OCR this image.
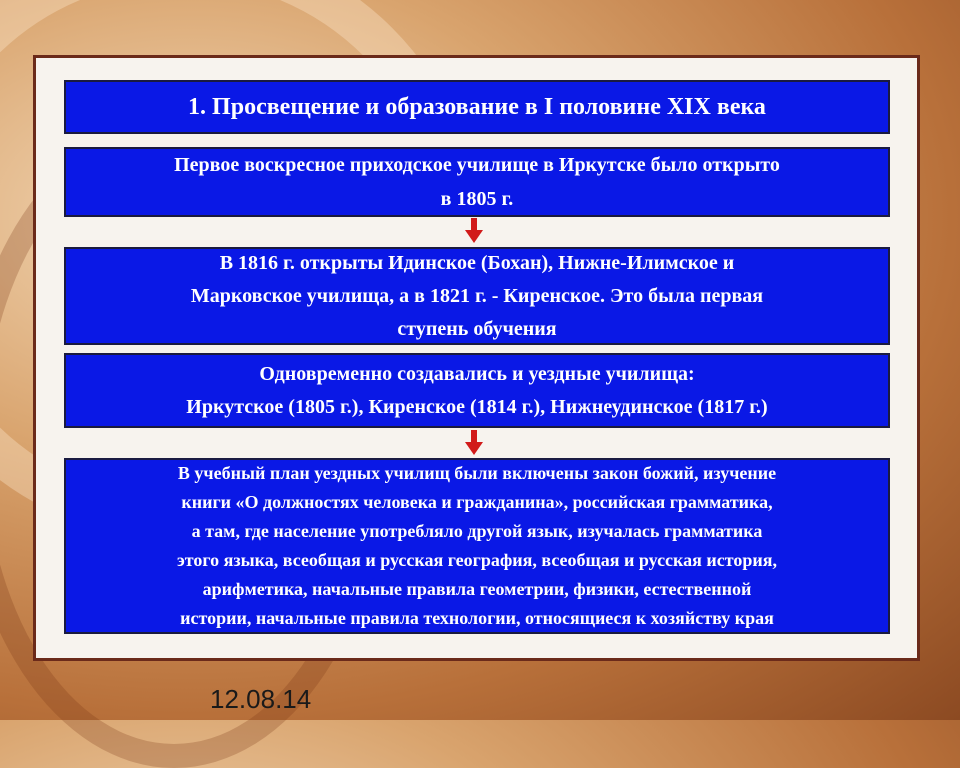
1. Просвещение и образование в I половине XIX века
Первое воскресное приходское училище в Иркутске было открыто
в 1805 г.
В 1816 г. открыты Идинское (Бохан), Нижне-Илимское и
Марковское училища, а в 1821 г. - Киренское. Это была первая
ступень обучения
Одновременно создавались и уездные училища:
Иркутское (1805 г.), Киренское (1814 г.), Нижнеудинское (1817 г.)
В учебный план уездных училищ были включены закон божий, изучение
книги «О должностях человека и гражданина», российская грамматика,
а там, где население употребляло другой язык, изучалась грамматика
этого языка, всеобщая и русская география, всеобщая и русская история,
арифметика, начальные правила геометрии, физики, естественной
истории, начальные правила технологии, относящиеся к хозяйству края
12.08.14
